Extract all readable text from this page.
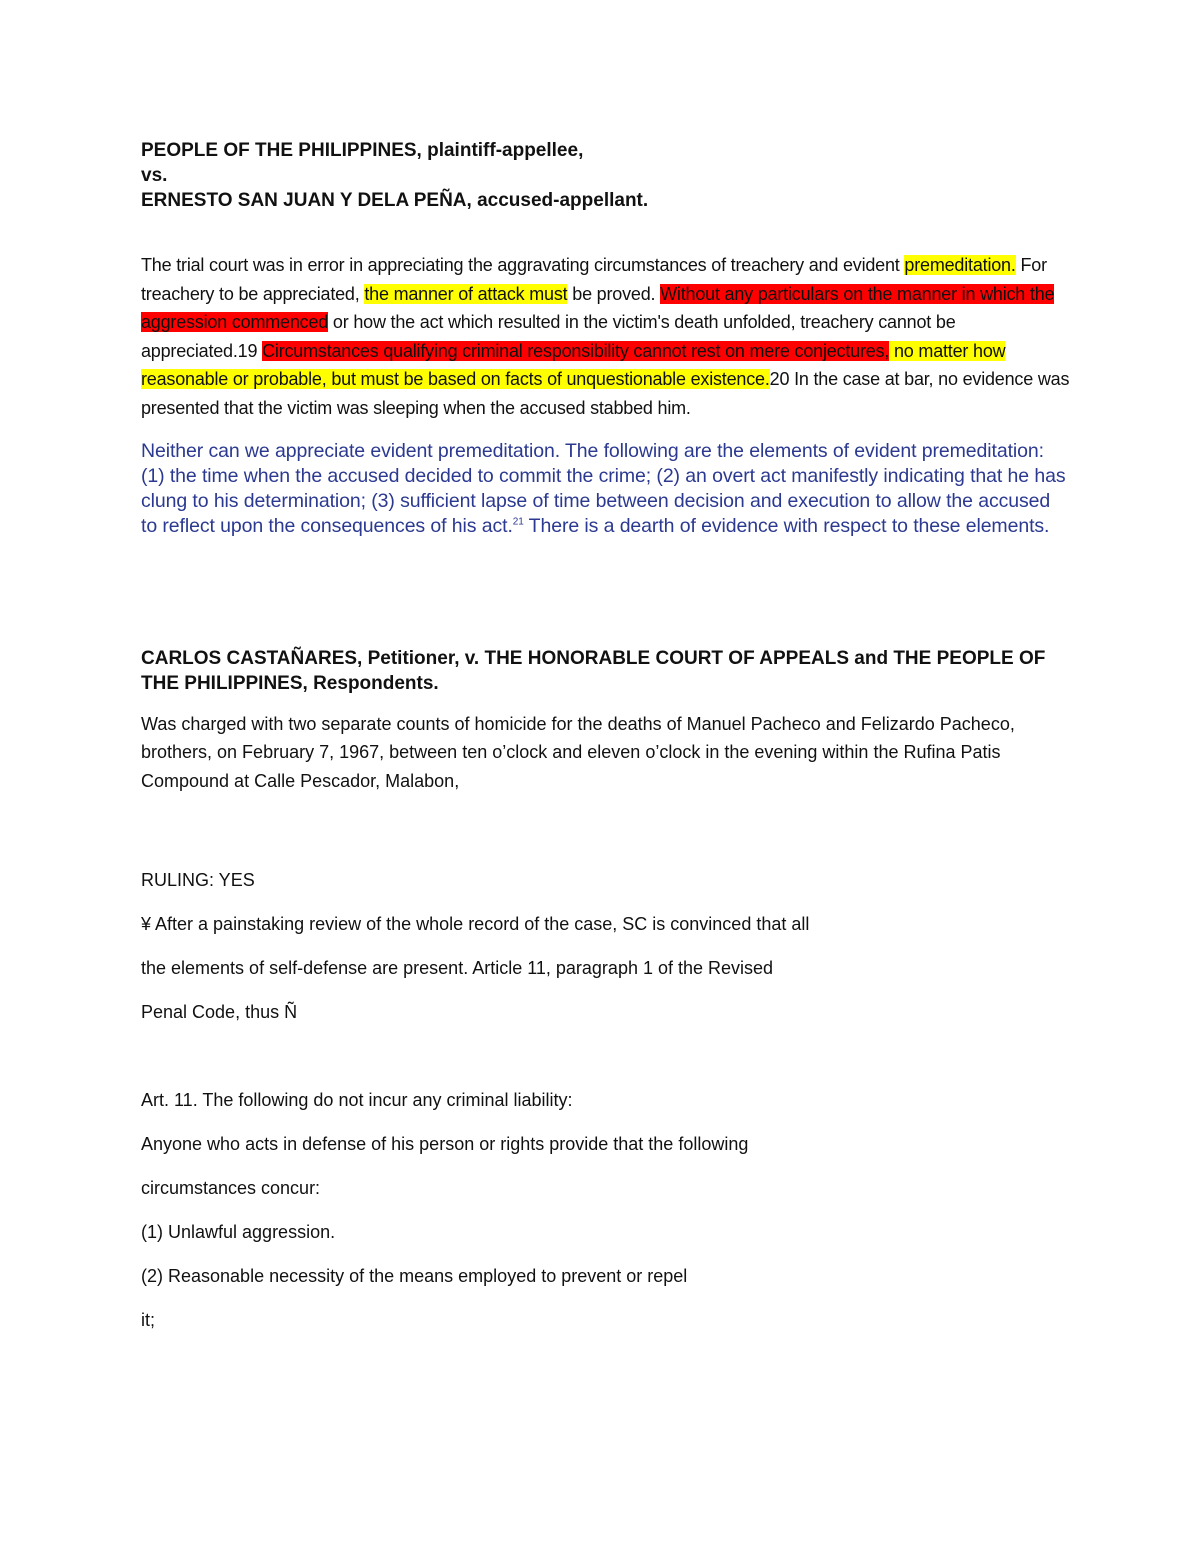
PEOPLE OF THE PHILIPPINES, plaintiff-appellee,

vs.

ERNESTO SAN JUAN Y DELA PEÑA, accused-appellant.

The trial court was in error in appreciating the aggravating circumstances of treachery and evident premeditation. For treachery to be appreciated, the manner of attack must be proved. Without any particulars on the manner in which the aggression commenced or how the act which resulted in the victim's death unfolded, treachery cannot be appreciated.19 Circumstances qualifying criminal responsibility cannot rest on mere conjectures, no matter how reasonable or probable, but must be based on facts of unquestionable existence.20 In the case at bar, no evidence was presented that the victim was sleeping when the accused stabbed him.

Neither can we appreciate evident premeditation. The following are the elements of evident premeditation: (1) the time when the accused decided to commit the crime; (2) an overt act manifestly indicating that he has clung to his determination; (3) sufficient lapse of time between decision and execution to allow the accused to reflect upon the consequences of his act.$^{21}$ There is a dearth of evidence with respect to these elements.

CARLOS CASTAÑARES, Petitioner, v. THE HONORABLE COURT OF APPEALS and THE PEOPLE OF THE PHILIPPINES, Respondents.

Was charged with two separate counts of homicide for the deaths of Manuel Pacheco and Felizardo Pacheco, brothers, on February 7, 1967, between ten o’clock and eleven o’clock in the evening within the Rufina Patis Compound at Calle Pescador, Malabon,

RULING: YES

¥ After a painstaking review of the whole record of the case, SC is convinced that all

the elements of self-defense are present. Article 11, paragraph 1 of the Revised

Penal Code, thus Ñ

Art. 11. The following do not incur any criminal liability:

Anyone who acts in defense of his person or rights provide that the following

circumstances concur:

(1) Unlawful aggression.

(2) Reasonable necessity of the means employed to prevent or repel

it;
